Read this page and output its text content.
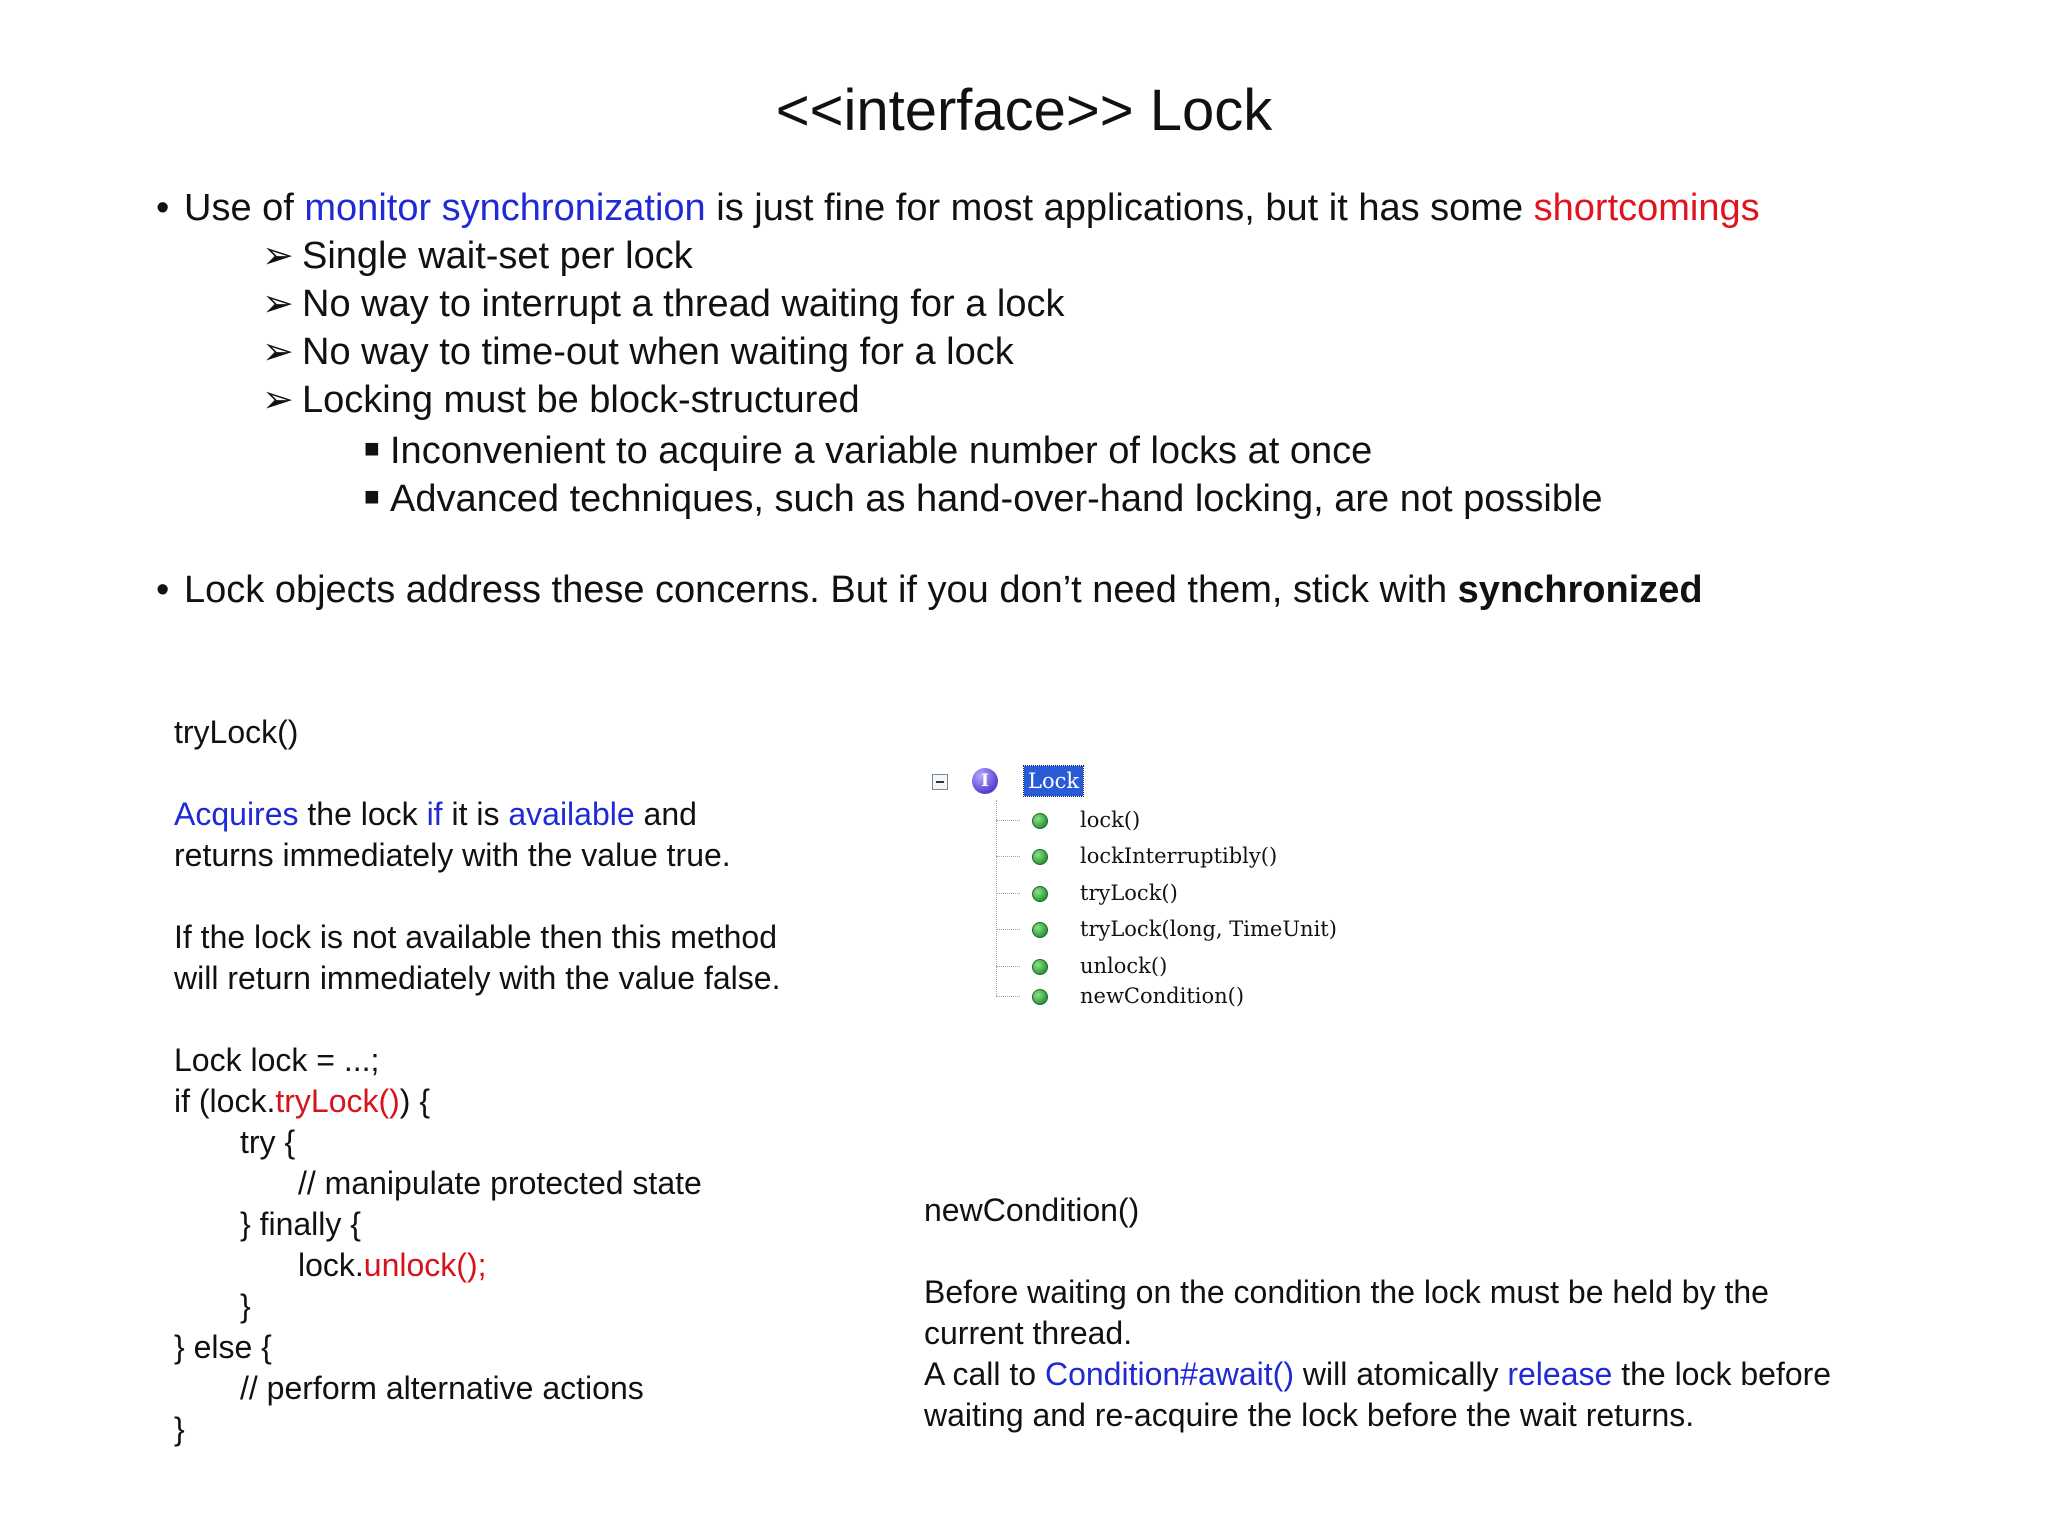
<<interface>> Lock
• Use of monitor synchronization is just fine for most applications, but it has some shortcomings
➢ Single wait-set per lock
➢ No way to interrupt a thread waiting for a lock
➢ No way to time-out when waiting for a lock
➢ Locking must be block-structured
■ Inconvenient to acquire a variable number of locks at once
■ Advanced techniques, such as hand-over-hand locking, are not possible
• Lock objects address these concerns. But if you don’t need them, stick with synchronized
tryLock()
Acquires the lock if it is available and
returns immediately with the value true.
If the lock is not available then this method
will return immediately with the value false.
Lock lock = ...;
if (lock.tryLock()) {
try {
// manipulate protected state
} finally {
lock.unlock();
}
} else {
// perform alternative actions
}
I	Lock
lock()
lockInterruptibly()
tryLock()
tryLock(long, TimeUnit)
unlock()
newCondition()
newCondition()
Before waiting on the condition the lock must be held by the
current thread.
A call to Condition#await() will atomically release the lock before
waiting and re-acquire the lock before the wait returns.
